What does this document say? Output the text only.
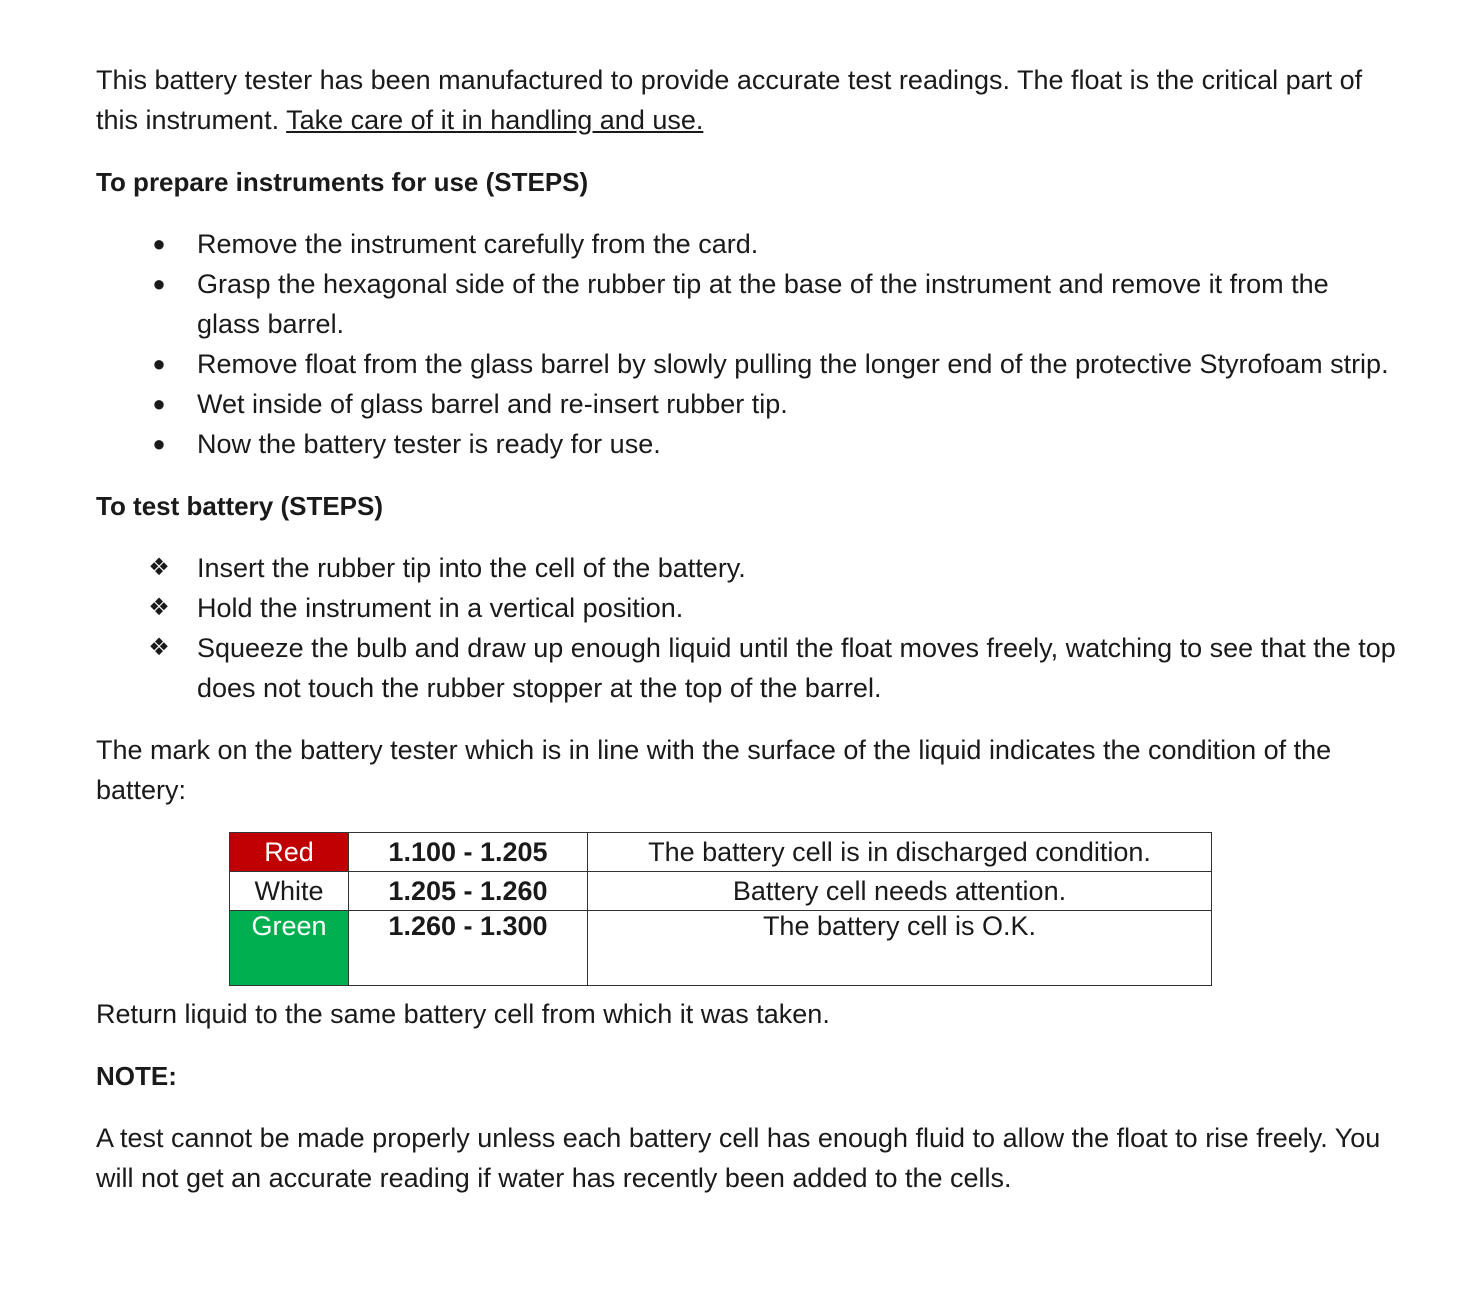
This battery tester has been manufactured to provide accurate test readings. The float is the critical part of this instrument. Take care of it in handling and use.

To prepare instruments for use (STEPS)

●	Remove the instrument carefully from the card.
●	Grasp the hexagonal side of the rubber tip at the base of the instrument and remove it from the glass barrel.
●	Remove float from the glass barrel by slowly pulling the longer end of the protective Styrofoam strip.
●	Wet inside of glass barrel and re-insert rubber tip.
●	Now the battery tester is ready for use.

To test battery (STEPS)

❖ Insert the rubber tip into the cell of the battery.
❖ Hold the instrument in a vertical position.
❖ Squeeze the bulb and draw up enough liquid until the float moves freely, watching to see that the top does not touch the rubber stopper at the top of the barrel.

The mark on the battery tester which is in line with the surface of the liquid indicates the condition of the battery:

Red	1.100 - 1.205	The battery cell is in discharged condition.
White	1.205 - 1.260	Battery cell needs attention.
Green	1.260 - 1.300	The battery cell is O.K.

Return liquid to the same battery cell from which it was taken.

NOTE:

A test cannot be made properly unless each battery cell has enough fluid to allow the float to rise freely. You will not get an accurate reading if water has recently been added to the cells.
